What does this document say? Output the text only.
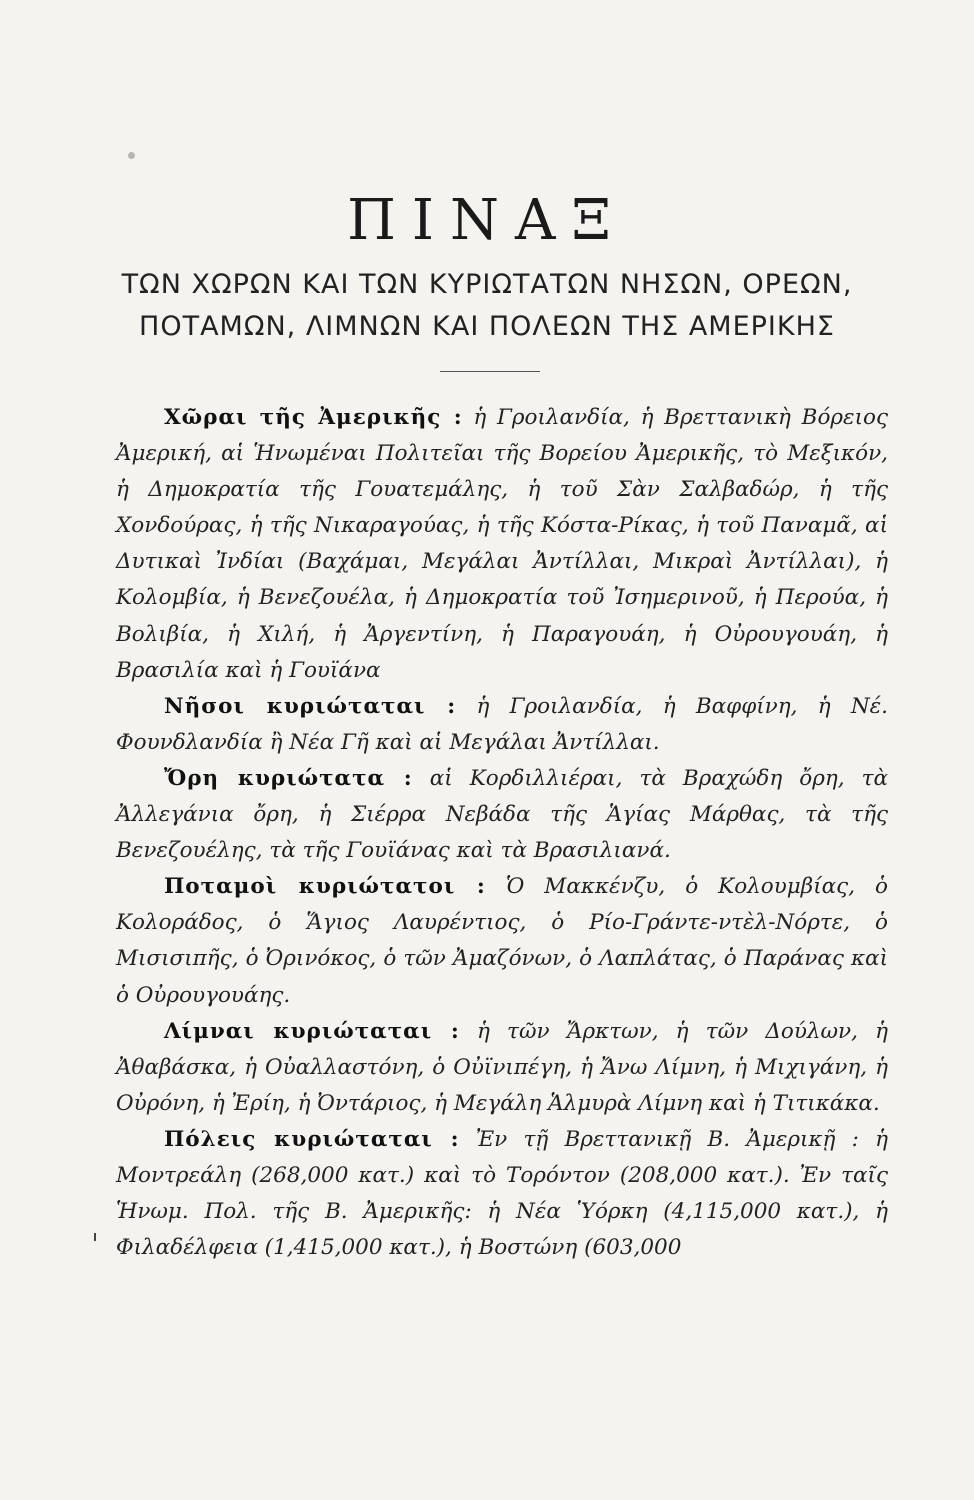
ΠΙΝΑΞ

ΤΩΝ ΧΩΡΩΝ ΚΑΙ ΤΩΝ ΚΥΡΙΩΤΑΤΩΝ ΝΗΣΩΝ, ΟΡΕΩΝ,

ΠΟΤΑΜΩΝ, ΛΙΜΝΩΝ ΚΑΙ ΠΟΛΕΩΝ ΤΗΣ ΑΜΕΡΙΚΗΣ

Χῶραι τῆς Ἀμερικῆς : ἡ Γροιλανδία, ἡ Βρεττανικὴ Βόρειος Ἀμερική, αἱ Ἡνωμέναι Πολιτεῖαι τῆς Βορείου Ἀμερικῆς, τὸ Μεξικόν, ἡ Δημοκρατία τῆς Γουατεμάλης, ἡ τοῦ Σὰν Σαλβαδώρ, ἡ τῆς Χονδούρας, ἡ τῆς Νικαραγούας, ἡ τῆς Κόστα-Ρίκας, ἡ τοῦ Παναμᾶ, αἱ Δυτικαὶ Ἰνδίαι (Βαχάμαι, Μεγάλαι Ἀντίλλαι, Μικραὶ Ἀντίλλαι), ἡ Κολομβία, ἡ Βενεζουέλα, ἡ Δημοκρατία τοῦ Ἰσημερινοῦ, ἡ Περούα, ἡ Βολιβία, ἡ Χιλή, ἡ Ἀργεντίνη, ἡ Παραγουάη, ἡ Οὐρουγουάη, ἡ Βρασιλία καὶ ἡ Γουϊάνα

Νῆσοι κυριώταται : ἡ Γροιλανδία, ἡ Βαφφίνη, ἡ Νέ. Φουνδλανδία ἢ Νέα Γῆ καὶ αἱ Μεγάλαι Ἀντίλλαι.

Ὄρη κυριώτατα : αἱ Κορδιλλιέραι, τὰ Βραχώδη ὄρη, τὰ Ἀλλεγάνια ὄρη, ἡ Σιέρρα Νεβάδα τῆς Ἁγίας Μάρθας, τὰ τῆς Βενεζουέλης, τὰ τῆς Γουϊάνας καὶ τὰ Βρασιλιανά.

Ποταμοὶ κυριώτατοι : Ὁ Μακκένζυ, ὁ Κολουμβίας, ὁ Κολοράδος, ὁ Ἅγιος Λαυρέντιος, ὁ Ρίο-Γράντε-ντὲλ-Νόρτε, ὁ Μισισιπῆς, ὁ Ὀρινόκος, ὁ τῶν Ἀμαζόνων, ὁ Λαπλάτας, ὁ Παράνας καὶ ὁ Οὐρουγουάης.

Λίμναι κυριώταται : ἡ τῶν Ἄρκτων, ἡ τῶν Δούλων, ἡ Ἀθαβάσκα, ἡ Οὐαλλαστόνη, ὁ Οὐϊνιπέγη, ἡ Ἄνω Λίμνη, ἡ Μιχιγάνη, ἡ Οὐρόνη, ἡ Ἐρίη, ἡ Ὀντάριος, ἡ Μεγάλη Ἁλμυρὰ Λίμνη καὶ ἡ Τιτικάκα.

Πόλεις κυριώταται : Ἐν τῇ Βρεττανικῇ Β. Ἀμερικῇ : ἡ Μοντρεάλη (268,000 κατ.) καὶ τὸ Τορόντον (208,000 κατ.). Ἐν ταῖς Ἡνωμ. Πολ. τῆς Β. Ἀμερικῆς: ἡ Νέα Ὑόρκη (4,115,000 κατ.), ἡ Φιλαδέλφεια (1,415,000 κατ.), ἡ Βοστώνη (603,000
